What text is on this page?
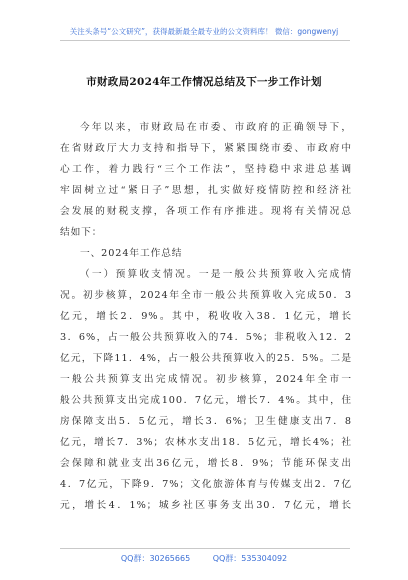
关注头条号“公文研究”，获得最新最全最专业的公文资料库！ 微信：gongwenyj
市财政局2024年工作情况总结及下一步工作计划
今年以来，市财政局在市委、市政府的正确领导下，
在省财政厅大力支持和指导下，紧紧围绕市委、市政府中
心工作，着力践行“三个工作法”，坚持稳中求进总基调
牢固树立过“紧日子”思想，扎实做好疫情防控和经济社
会发展的财税支撑，各项工作有序推进。现将有关情况总
结如下：
一、2024年工作总结
（一）预算收支情况。一是一般公共预算收入完成情
况。初步核算，2024年全市一般公共预算收入完成50．3
亿元，增长2．9%。其中，税收收入38．1亿元，增长
3．6%，占一般公共预算收入的74．5%；非税收入12．2
亿元，下降11．4%，占一般公共预算收入的25．5%。二是
一般公共预算支出完成情况。初步核算，2024年全市一
般公共预算支出完成100．7亿元，增长7．4%。其中，住
房保障支出5．5亿元，增长3．6%；卫生健康支出7．8
亿元，增长7．3%；农林水支出18．5亿元，增长4%；社
会保障和就业支出36亿元，增长8．9%；节能环保支出
4．7亿元，下降9．7%；文化旅游体育与传媒支出2．7亿
元，增长4．1%；城乡社区事务支出30．7亿元，增长
QQ群：30265665	QQ群：535304092
